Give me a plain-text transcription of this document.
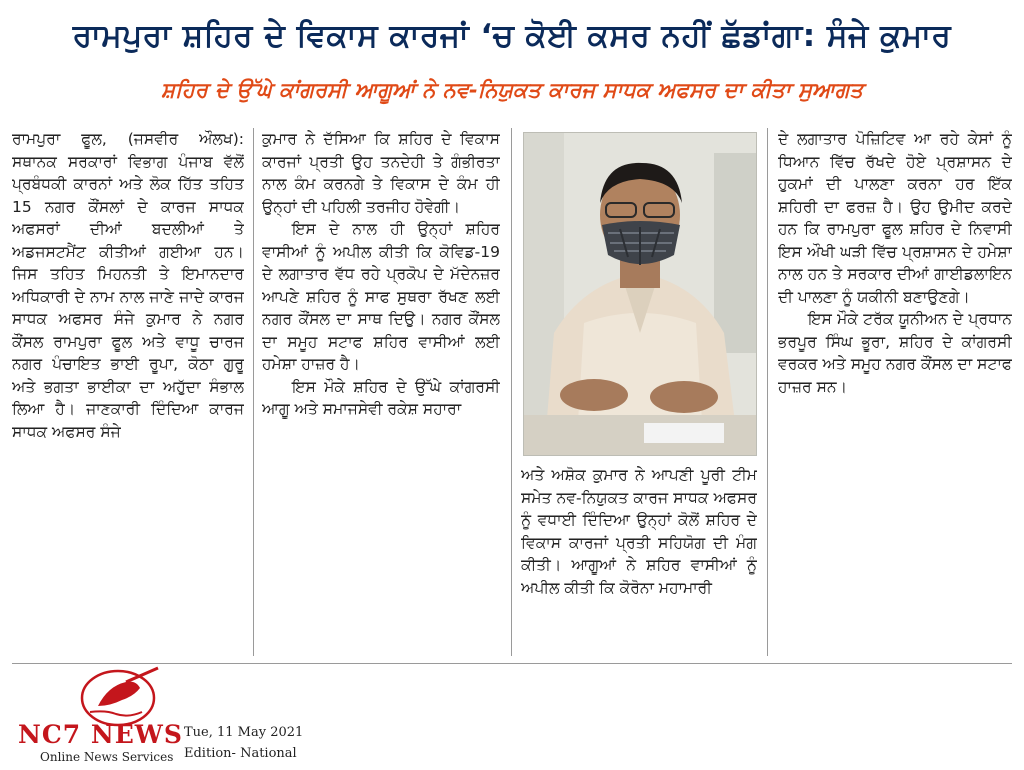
ਰਾਮਪੁਰਾ ਸ਼ਹਿਰ ਦੇ ਵਿਕਾਸ ਕਾਰਜਾਂ ‘ਚ ਕੋਈ ਕਸਰ ਨਹੀਂ ਛੱਡਾਂਗਾ: ਸੰਜੇ ਕੁਮਾਰ
ਸ਼ਹਿਰ ਦੇ ਉੱਘੇ ਕਾਂਗਰਸੀ ਆਗੂਆਂ ਨੇ ਨਵ-ਨਿਯੁਕਤ ਕਾਰਜ ਸਾਧਕ ਅਫਸਰ ਦਾ ਕੀਤਾ ਸੁਆਗਤ

ਰਾਮਪੁਰਾ ਫੂਲ, (ਜਸਵੀਰ ਔਲਖ): ਸਥਾਨਕ ਸਰਕਾਰਾਂ ਵਿਭਾਗ ਪੰਜਾਬ ਵੱਲੋਂ ਪ੍ਰਬੰਧਕੀ ਕਾਰਨਾਂ ਅਤੇ ਲੋਕ ਹਿੱਤ ਤਹਿਤ 15 ਨਗਰ ਕੌਂਸਲਾਂ ਦੇ ਕਾਰਜ ਸਾਧਕ ਅਫਸਰਾਂ ਦੀਆਂ ਬਦਲੀਆਂ ਤੇ ਅਡਜਸਟਮੈਂਟ ਕੀਤੀਆਂ ਗਈਆ ਹਨ। ਜਿਸ ਤਹਿਤ ਮਿਹਨਤੀ ਤੇ ਇਮਾਨਦਾਰ ਅਧਿਕਾਰੀ ਦੇ ਨਾਮ ਨਾਲ ਜਾਣੇ ਜਾਦੇ ਕਾਰਜ ਸਾਧਕ ਅਫਸਰ ਸੰਜੇ ਕੁਮਾਰ ਨੇ ਨਗਰ ਕੌਂਸਲ ਰਾਮਪੁਰਾ ਫੂਲ ਅਤੇ ਵਾਧੂ ਚਾਰਜ ਨਗਰ ਪੰਚਾਇਤ ਭਾਈ ਰੂਪਾ, ਕੋਠਾ ਗੁਰੂ ਅਤੇ ਭਗਤਾ ਭਾਈਕਾ ਦਾ ਅਹੁੱਦਾ ਸੰਭਾਲ ਲਿਆ ਹੈ। ਜਾਣਕਾਰੀ ਦਿੰਦਿਆ ਕਾਰਜ ਸਾਧਕ ਅਫਸਰ ਸੰਜੇ

ਕੁਮਾਰ ਨੇ ਦੱਸਿਆ ਕਿ ਸ਼ਹਿਰ ਦੇ ਵਿਕਾਸ ਕਾਰਜਾਂ ਪ੍ਰਤੀ ਉਹ ਤਨਦੇਹੀ ਤੇ ਗੰਭੀਰਤਾ ਨਾਲ ਕੰਮ ਕਰਨਗੇ ਤੇ ਵਿਕਾਸ ਦੇ ਕੰਮ ਹੀ ਉਨ੍ਹਾਂ ਦੀ ਪਹਿਲੀ ਤਰਜੀਹ ਹੋਵੇਗੀ।

ਇਸ ਦੇ ਨਾਲ ਹੀ ਉਨ੍ਹਾਂ ਸ਼ਹਿਰ ਵਾਸੀਆਂ ਨੂੰ ਅਪੀਲ ਕੀਤੀ ਕਿ ਕੋਵਿਡ-19 ਦੇ ਲਗਾਤਾਰ ਵੱਧ ਰਹੇ ਪ੍ਰਕੋਪ ਦੇ ਮੱਦੇਨਜ਼ਰ ਆਪਣੇ ਸ਼ਹਿਰ ਨੂੰ ਸਾਫ ਸੁਥਰਾ ਰੱਖਣ ਲਈ ਨਗਰ ਕੌਂਸਲ ਦਾ ਸਾਥ ਦਿਉ। ਨਗਰ ਕੌਂਸਲ ਦਾ ਸਮੂਹ ਸਟਾਫ ਸ਼ਹਿਰ ਵਾਸੀਆਂ ਲਈ ਹਮੇਸ਼ਾ ਹਾਜ਼ਰ ਹੈ।

ਇਸ ਮੌਕੇ ਸ਼ਹਿਰ ਦੇ ਉੱਘੇ ਕਾਂਗਰਸੀ ਆਗੂ ਅਤੇ ਸਮਾਜਸੇਵੀ ਰਕੇਸ਼ ਸਹਾਰਾ

ਅਤੇ ਅਸ਼ੋਕ ਕੁਮਾਰ ਨੇ ਆਪਣੀ ਪੂਰੀ ਟੀਮ ਸਮੇਤ ਨਵ-ਨਿਯੁਕਤ ਕਾਰਜ ਸਾਧਕ ਅਫਸਰ ਨੂੰ ਵਧਾਈ ਦਿੰਦਿਆ ਉਨ੍ਹਾਂ ਕੋਲੋਂ ਸ਼ਹਿਰ ਦੇ ਵਿਕਾਸ ਕਾਰਜਾਂ ਪ੍ਰਤੀ ਸਹਿਯੋਗ ਦੀ ਮੰਗ ਕੀਤੀ। ਆਗੂਆਂ ਨੇ ਸ਼ਹਿਰ ਵਾਸੀਆਂ ਨੂੰ ਅਪੀਲ ਕੀਤੀ ਕਿ ਕੋਰੋਨਾ ਮਹਾਮਾਰੀ

ਦੇ ਲਗਾਤਾਰ ਪੋਜ਼ਿਟਿਵ ਆ ਰਹੇ ਕੇਸਾਂ ਨੂੰ ਧਿਆਨ ਵਿੱਚ ਰੱਖਦੇ ਹੋਏ ਪ੍ਰਸ਼ਾਸਨ ਦੇ ਹੁਕਮਾਂ ਦੀ ਪਾਲਣਾ ਕਰਨਾ ਹਰ ਇੱਕ ਸ਼ਹਿਰੀ ਦਾ ਫਰਜ਼ ਹੈ। ਉਹ ਉਮੀਦ ਕਰਦੇ ਹਨ ਕਿ ਰਾਮਪੁਰਾ ਫੂਲ ਸ਼ਹਿਰ ਦੇ ਨਿਵਾਸੀ ਇਸ ਔਖੀ ਘੜੀ ਵਿੱਚ ਪ੍ਰਸ਼ਾਸਨ ਦੇ ਹਮੇਸ਼ਾ ਨਾਲ ਹਨ ਤੇ ਸਰਕਾਰ ਦੀਆਂ ਗਾਈਡਲਾਇਨ ਦੀ ਪਾਲਣਾ ਨੂੰ ਯਕੀਨੀ ਬਣਾਉਣਗੇ।

ਇਸ ਮੌਕੇ ਟਰੱਕ ਯੂਨੀਅਨ ਦੇ ਪ੍ਰਧਾਨ ਭਰਪੂਰ ਸਿੰਘ ਭੂਰਾ, ਸ਼ਹਿਰ ਦੇ ਕਾਂਗਰਸੀ ਵਰਕਰ ਅਤੇ ਸਮੂਹ ਨਗਰ ਕੌਂਸਲ ਦਾ ਸਟਾਫ ਹਾਜ਼ਰ ਸਨ।

NC7 NEWS
Online News Services
Tue, 11 May 2021
Edition- National
